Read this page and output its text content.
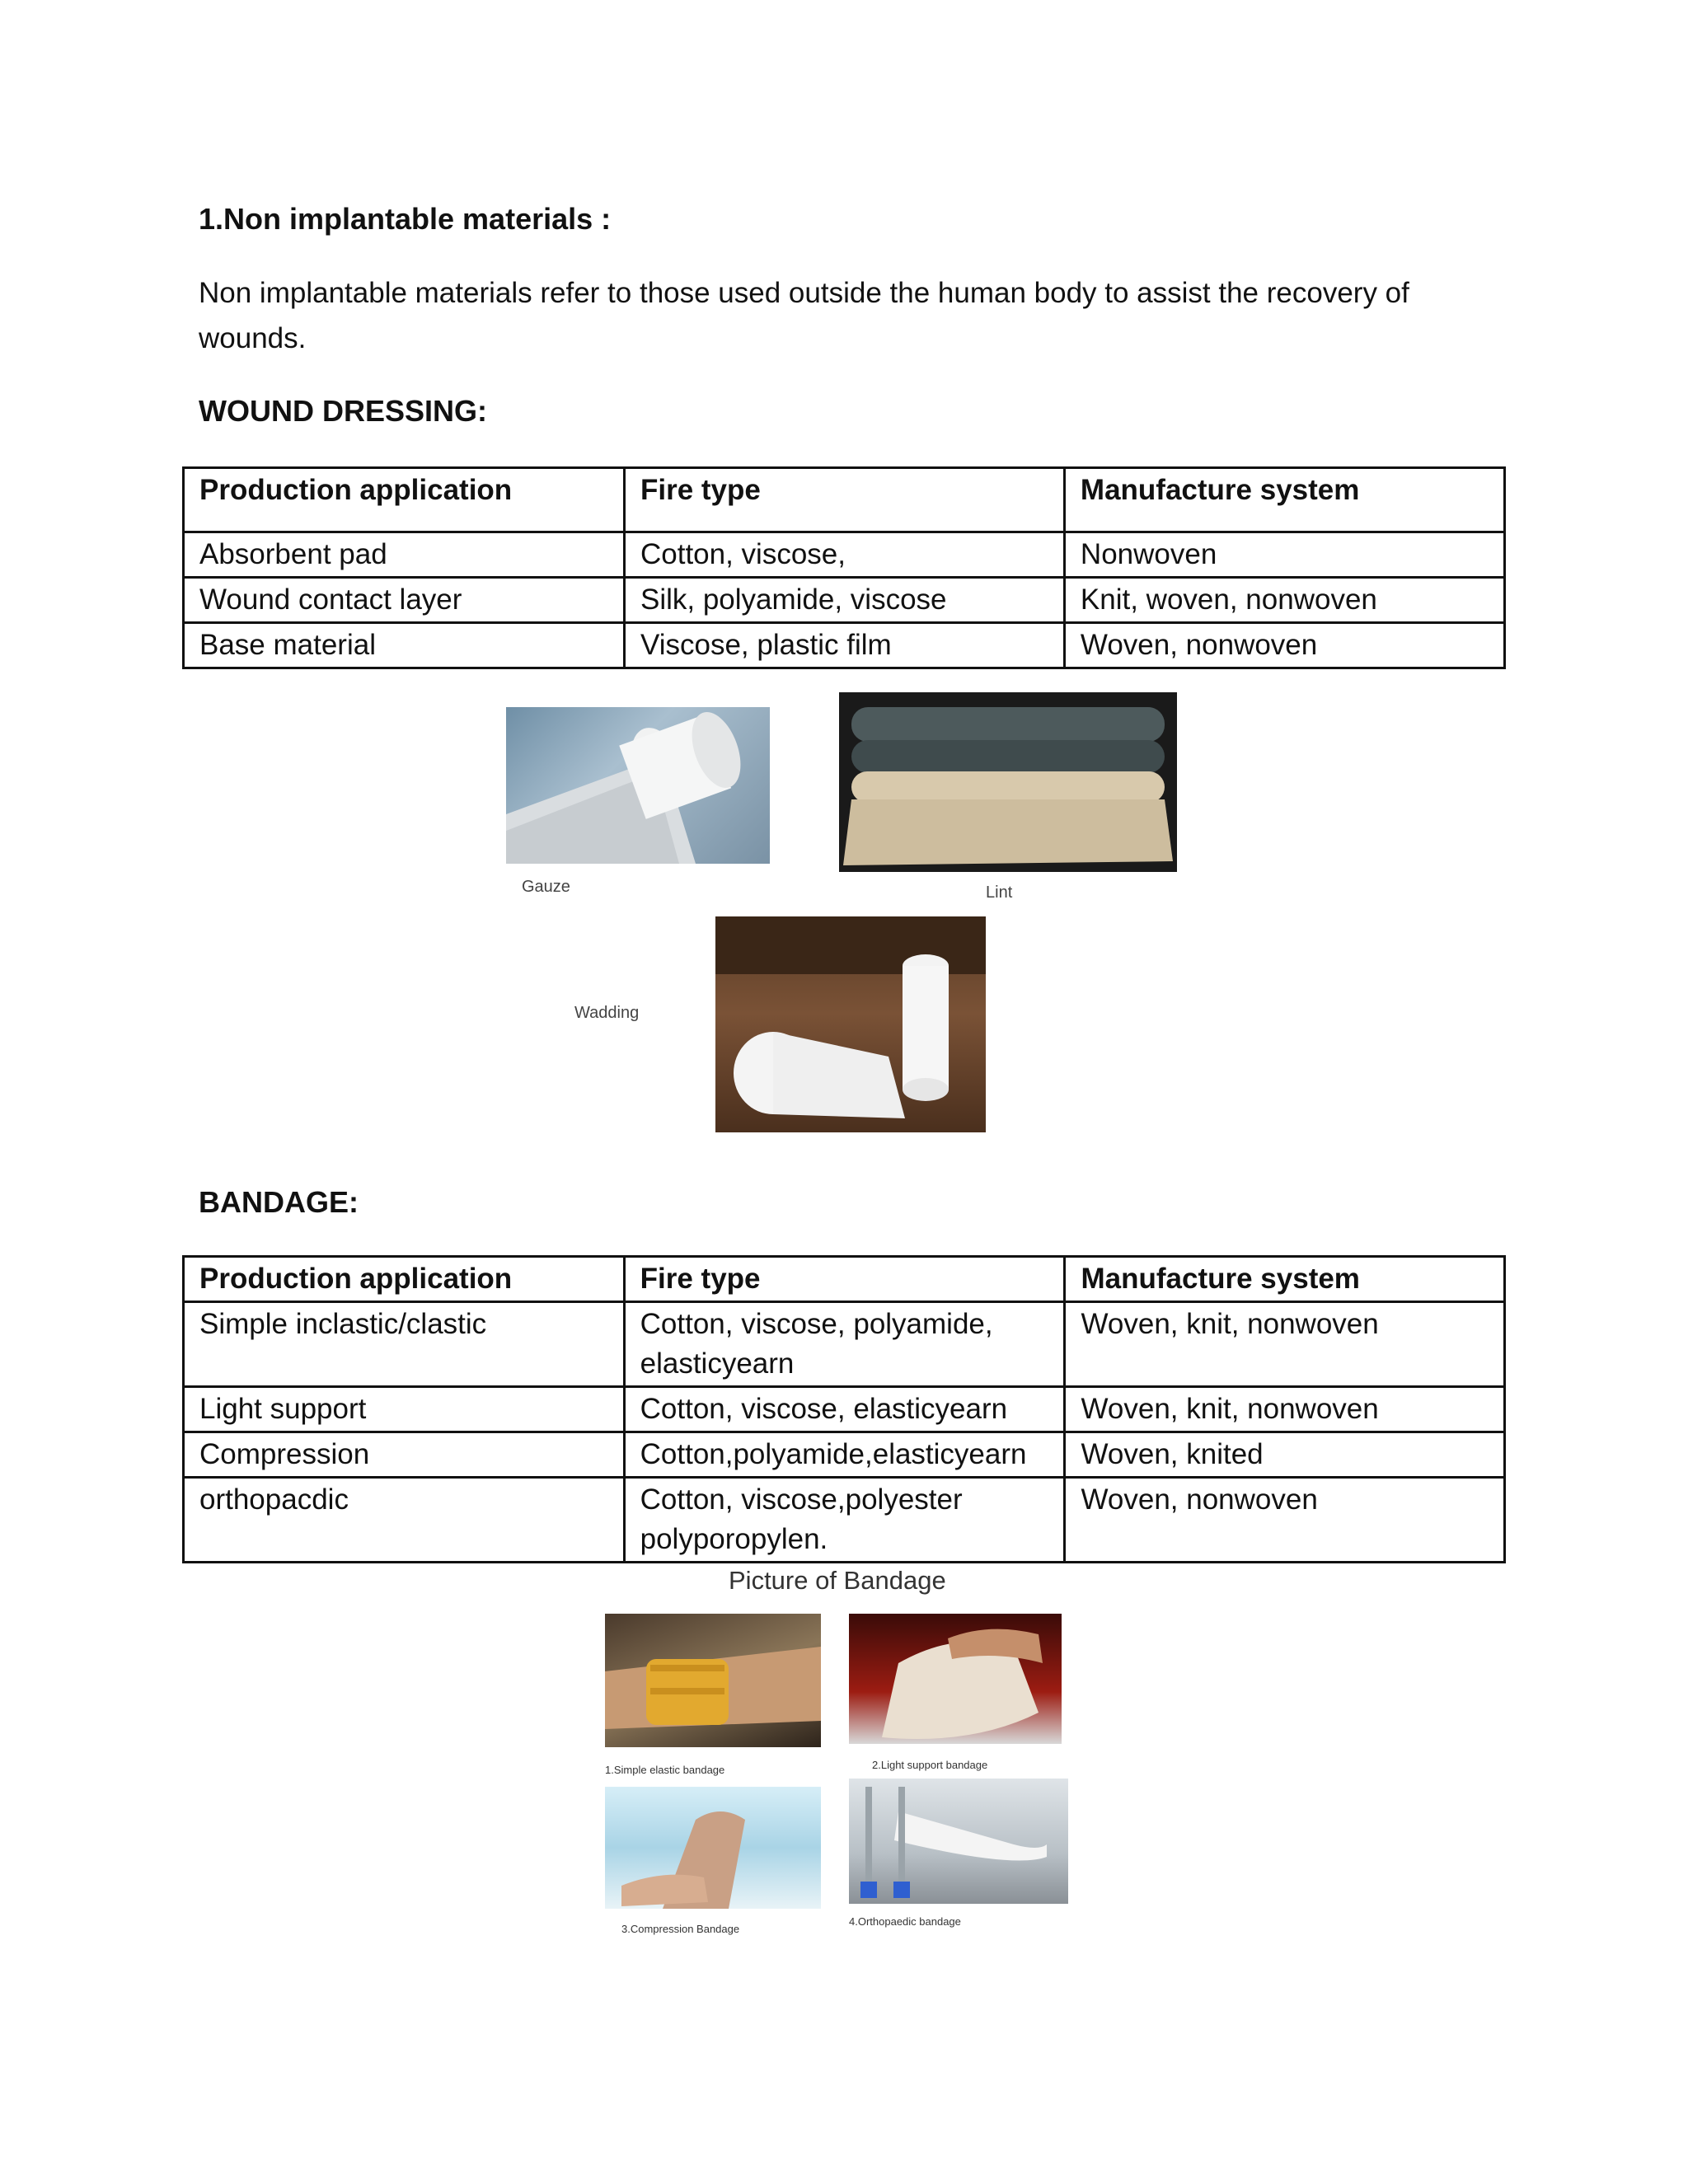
1.Non implantable materials :
Non implantable materials refer to those used outside the human body to assist the recovery of wounds.
WOUND DRESSING:
Production application	Fire type	Manufacture system
Absorbent pad	Cotton, viscose,	Nonwoven
Wound contact layer	Silk, polyamide, viscose	Knit, woven, nonwoven
Base material	Viscose, plastic film	Woven, nonwoven
Gauze	Lint
Wadding
BANDAGE:
Production application	Fire type	Manufacture system
Simple inclastic/clastic	Cotton, viscose, polyamide, elasticyearn	Woven, knit, nonwoven
Light support	Cotton, viscose, elasticyearn	Woven, knit, nonwoven
Compression	Cotton,polyamide,elasticyearn	Woven, knited
orthopacdic	Cotton, viscose,polyester polyporopylen.	Woven, nonwoven
Picture of Bandage
1.Simple elastic bandage	2.Light support bandage
3.Compression Bandage
4.Orthopaedic bandage
